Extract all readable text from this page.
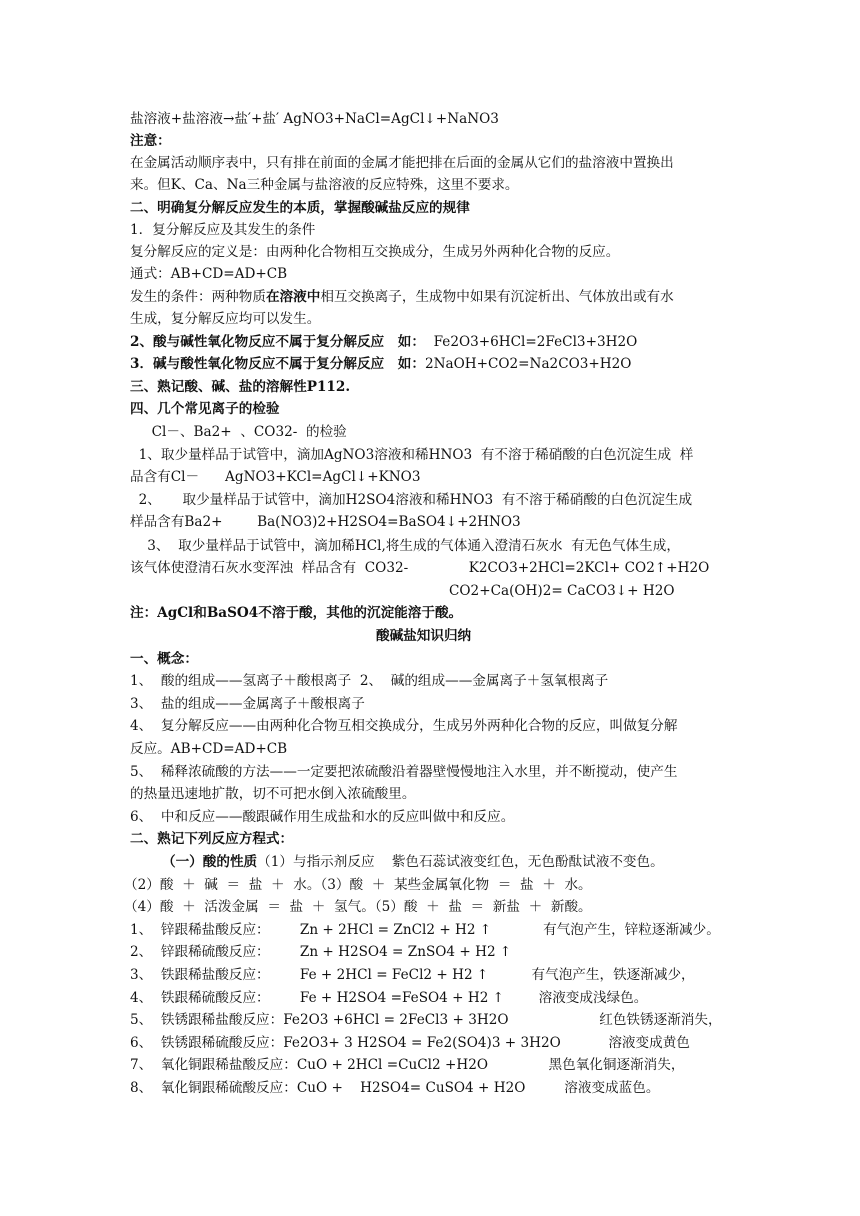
盐溶液+盐溶液→盐′+盐′ AgNO3+NaCl=AgCl↓+NaNO3
注意：
在金属活动顺序表中，只有排在前面的金属才能把排在后面的金属从它们的盐溶液中置换出
来。但K、Ca、Na三种金属与盐溶液的反应特殊，这里不要求。
二、明确复分解反应发生的本质，掌握酸碱盐反应的规律
1．复分解反应及其发生的条件
复分解反应的定义是：由两种化合物相互交换成分，生成另外两种化合物的反应。
通式：AB+CD=AD+CB
发生的条件：两种物质在溶液中相互交换离子，生成物中如果有沉淀析出、气体放出或有水
生成，复分解反应均可以发生。
2、酸与碱性氧化物反应不属于复分解反应　如：  Fe2O3+6HCl=2FeCl3+3H2O
3．碱与酸性氧化物反应不属于复分解反应　如：2NaOH+CO2=Na2CO3+H2O
三、熟记酸、碱、盐的溶解性P112.
四、几个常见离子的检验
Cl－、Ba2+  、CO32-  的检验
1、取少量样品于试管中，滴加AgNO3溶液和稀HNO3  有不溶于稀硝酸的白色沉淀生成  样
品含有Cl－      AgNO3+KCl=AgCl↓+KNO3
2、     取少量样品于试管中，滴加H2SO4溶液和稀HNO3  有不溶于稀硝酸的白色沉淀生成
样品含有Ba2+        Ba(NO3)2+H2SO4=BaSO4↓+2HNO3
3、  取少量样品于试管中，滴加稀HCl,将生成的气体通入澄清石灰水  有无色气体生成，
该气体使澄清石灰水变浑浊  样品含有  CO32-              K2CO3+2HCl=2KCl+ CO2↑+H2O
CO2+Ca(OH)2= CaCO3↓+ H2O
注：AgCl和BaSO4不溶于酸，其他的沉淀能溶于酸。
酸碱盐知识归纳
一、概念：
1、  酸的组成——氢离子＋酸根离子  2、  碱的组成——金属离子＋氢氧根离子
3、  盐的组成——金属离子＋酸根离子
4、  复分解反应——由两种化合物互相交换成分，生成另外两种化合物的反应，叫做复分解
反应。AB+CD=AD+CB
5、  稀释浓硫酸的方法——一定要把浓硫酸沿着器壁慢慢地注入水里，并不断搅动，使产生
的热量迅速地扩散，切不可把水倒入浓硫酸里。
6、  中和反应——酸跟碱作用生成盐和水的反应叫做中和反应。
二、熟记下列反应方程式：
（一）酸的性质（1）与指示剂反应    紫色石蕊试液变红色，无色酚酞试液不变色。
（2）酸  ＋  碱  ＝  盐  ＋  水。（3）酸  ＋  某些金属氧化物  ＝  盐  ＋  水。
（4）酸  ＋  活泼金属  ＝  盐  ＋  氢气。（5）酸  ＋  盐  ＝  新盐  ＋  新酸。
1、  锌跟稀盐酸反应：       Zn + 2HCl = ZnCl2 + H2 ↑            有气泡产生，锌粒逐渐减少。
2、  锌跟稀硫酸反应：       Zn + H2SO4 = ZnSO4 + H2 ↑
3、  铁跟稀盐酸反应：       Fe + 2HCl = FeCl2 + H2 ↑          有气泡产生，铁逐渐减少，
4、  铁跟稀硫酸反应：       Fe + H2SO4 =FeSO4 + H2 ↑        溶液变成浅绿色。
5、  铁锈跟稀盐酸反应：Fe2O3 +6HCl = 2FeCl3 + 3H2O                     红色铁锈逐渐消失，
6、  铁锈跟稀硫酸反应：Fe2O3+ 3 H2SO4 = Fe2(SO4)3 + 3H2O           溶液变成黄色
7、  氧化铜跟稀盐酸反应：CuO + 2HCl =CuCl2 +H2O              黑色氧化铜逐渐消失，
8、  氧化铜跟稀硫酸反应：CuO +    H2SO4= CuSO4 + H2O         溶液变成蓝色。
